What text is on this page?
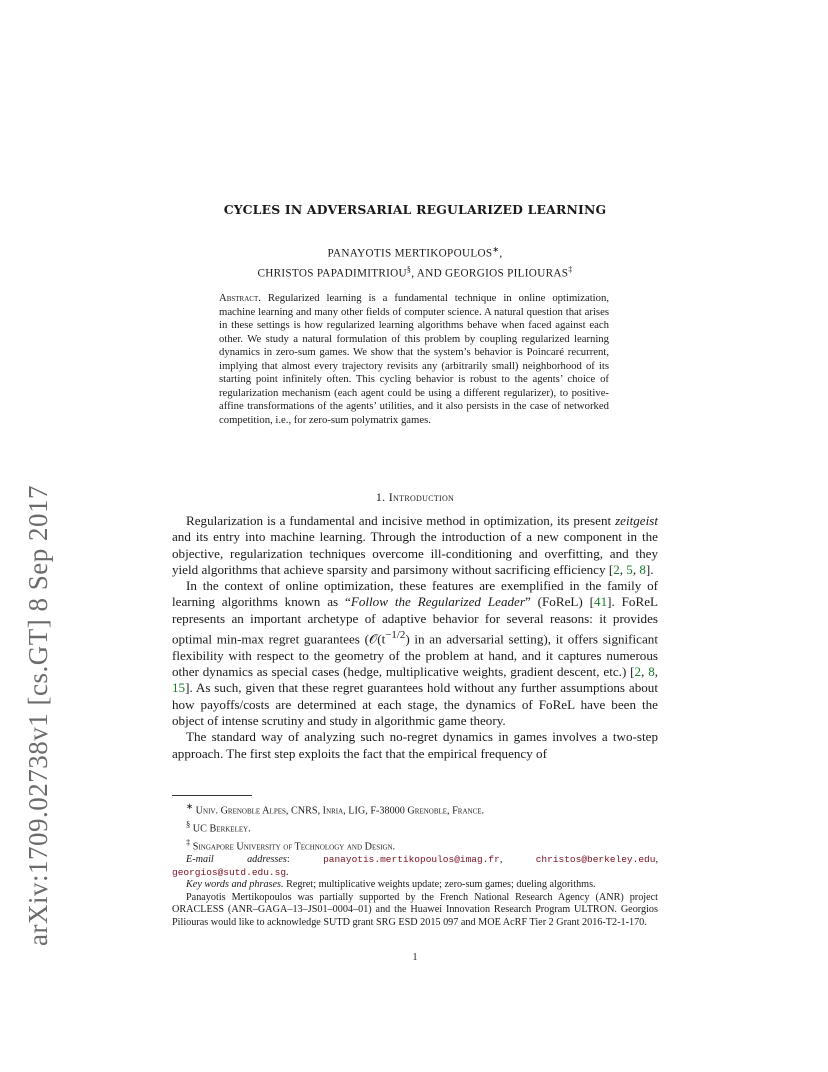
arXiv:1709.02738v1 [cs.GT] 8 Sep 2017
CYCLES IN ADVERSARIAL REGULARIZED LEARNING
PANAYOTIS MERTIKOPOULOS∗,
CHRISTOS PAPADIMITRIOU§, AND GEORGIOS PILIOURAS‡
Abstract. Regularized learning is a fundamental technique in online optimization, machine learning and many other fields of computer science. A natural question that arises in these settings is how regularized learning algorithms behave when faced against each other. We study a natural formulation of this problem by coupling regularized learning dynamics in zero-sum games. We show that the system’s behavior is Poincaré recurrent, implying that almost every trajectory revisits any (arbitrarily small) neighborhood of its starting point infinitely often. This cycling behavior is robust to the agents’ choice of regularization mechanism (each agent could be using a different regularizer), to positive-affine transformations of the agents’ utilities, and it also persists in the case of networked competition, i.e., for zero-sum polymatrix games.
1. Introduction

Regularization is a fundamental and incisive method in optimization, its present zeitgeist and its entry into machine learning. Through the introduction of a new component in the objective, regularization techniques overcome ill-conditioning and overfitting, and they yield algorithms that achieve sparsity and parsimony without sacrificing efficiency [2, 5, 8].

In the context of online optimization, these features are exemplified in the family of learning algorithms known as “Follow the Regularized Leader” (FoReL) [41]. FoReL represents an important archetype of adaptive behavior for several reasons: it provides optimal min-max regret guarantees ($𝒪(t^{-1/2})$ in an adversarial setting), it offers significant flexibility with respect to the geometry of the problem at hand, and it captures numerous other dynamics as special cases (hedge, multiplicative weights, gradient descent, etc.) [2, 8, 15]. As such, given that these regret guarantees hold without any further assumptions about how payoffs/costs are determined at each stage, the dynamics of FoReL have been the object of intense scrutiny and study in algorithmic game theory.

The standard way of analyzing such no-regret dynamics in games involves a two-step approach. The first step exploits the fact that the empirical frequency of

∗ Univ. Grenoble Alpes, CNRS, Inria, LIG, F-38000 Grenoble, France.
§ UC Berkeley.
‡ Singapore University of Technology and Design.
E-mail addresses: panayotis.mertikopoulos@imag.fr, christos@berkeley.edu, georgios@sutd.edu.sg.
Key words and phrases. Regret; multiplicative weights update; zero-sum games; dueling algorithms.
Panayotis Mertikopoulos was partially supported by the French National Research Agency (ANR) project ORACLESS (ANR–GAGA–13–JS01–0004–01) and the Huawei Innovation Research Program ULTRON. Georgios Piliouras would like to acknowledge SUTD grant SRG ESD 2015 097 and MOE AcRF Tier 2 Grant 2016-T2-1-170.
1
